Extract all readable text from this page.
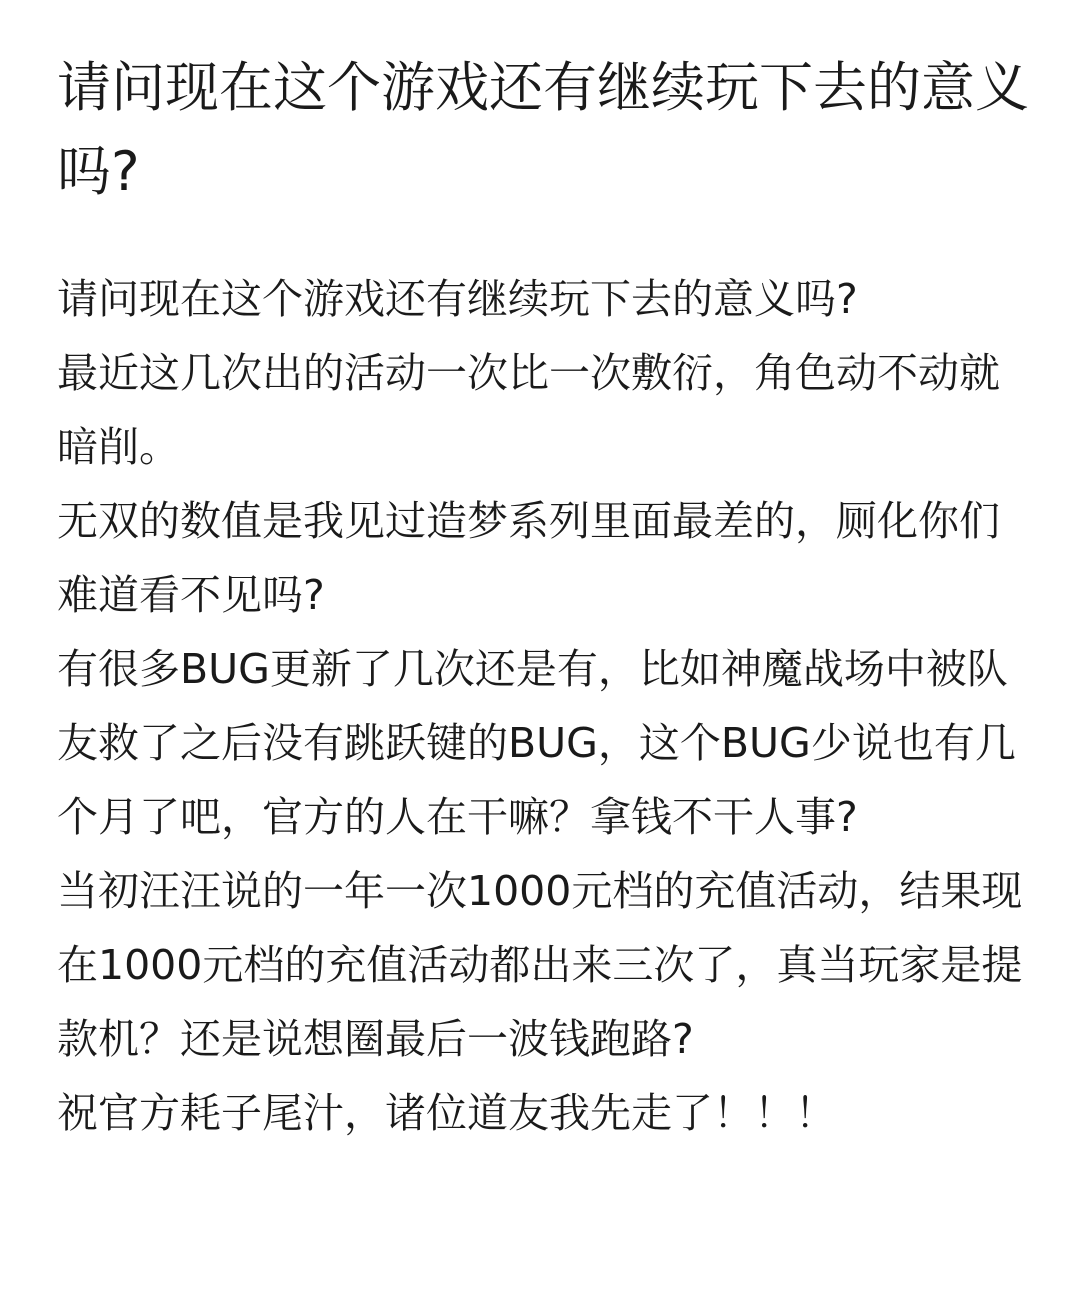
请问现在这个游戏还有继续玩下去的意义吗?

请问现在这个游戏还有继续玩下去的意义吗?

最近这几次出的活动一次比一次敷衍，角色动不动就暗削。

无双的数值是我见过造梦系列里面最差的，厕化你们难道看不见吗?

有很多BUG更新了几次还是有，比如神魔战场中被队友救了之后没有跳跃键的BUG，这个BUG少说也有几个月了吧，官方的人在干嘛？拿钱不干人事?

当初汪汪说的一年一次1000元档的充值活动，结果现在1000元档的充值活动都出来三次了，真当玩家是提款机？还是说想圈最后一波钱跑路?

祝官方耗子尾汁，诸位道友我先走了！！！
